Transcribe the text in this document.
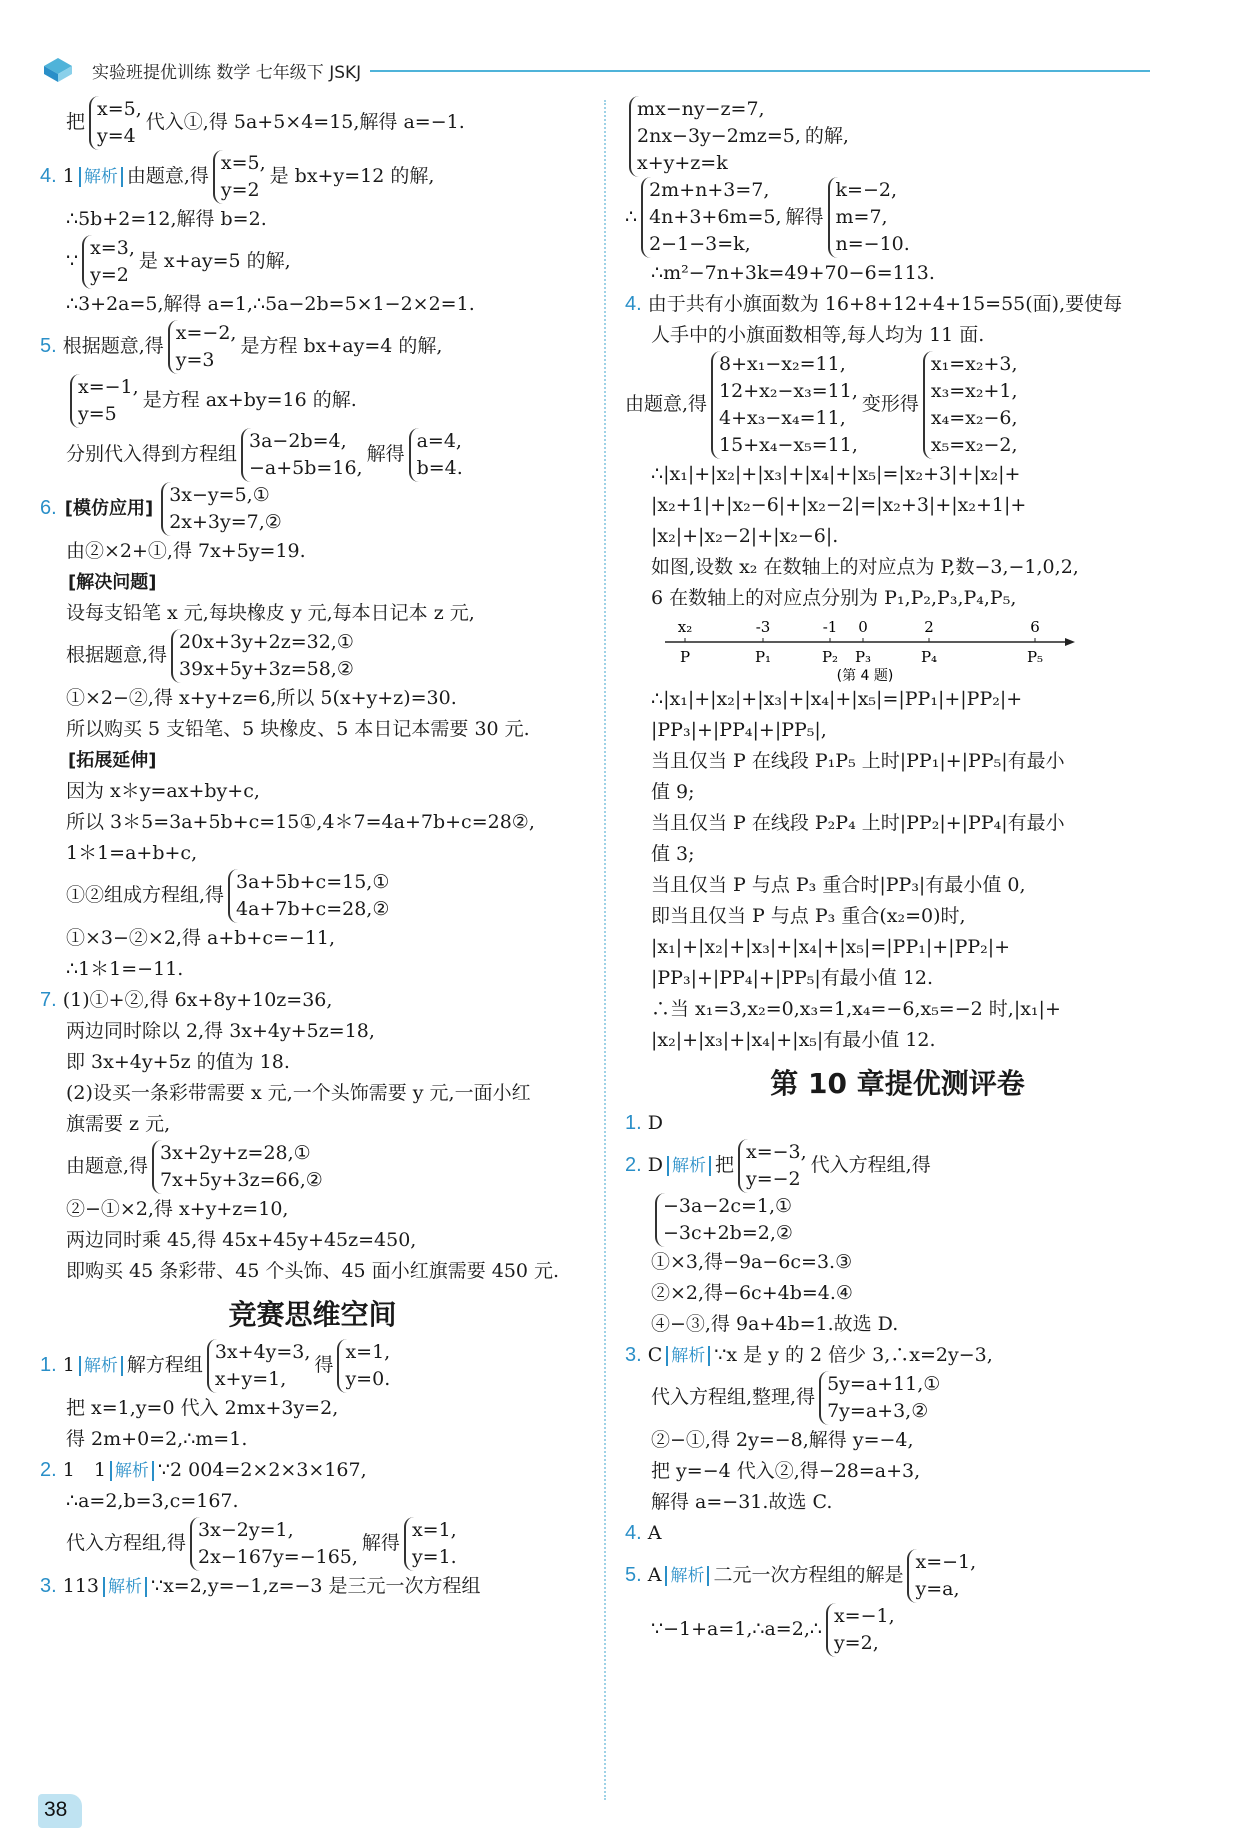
实验班提优训练 数学 七年级下 JSKJ
把
x=5,
y=4
代入①,得 5a+5×4=15,解得 a=−1.
4. 1解析 由题意,得
x=5,
y=2
是 bx+y=12 的解,
∴5b+2=12,解得 b=2.
∵
x=3,
y=2
是 x+ay=5 的解,
∴3+2a=5,解得 a=1,∴5a−2b=5×1−2×2=1.
5. 根据题意,得
x=−2,
y=3
是方程 bx+ay=4 的解,
x=−1,
y=5
是方程 ax+by=16 的解.
分别代入得到方程组
3a−2b=4,
−a+5b=16,
解得
a=4,
b=4.
6. [模仿应用]
3x−y=5,①
2x+3y=7,②
由②×2+①,得 7x+5y=19.
[解决问题]
设每支铅笔 x 元,每块橡皮 y 元,每本日记本 z 元,
根据题意,得
20x+3y+2z=32,①
39x+5y+3z=58,②
①×2−②,得 x+y+z=6,所以 5(x+y+z)=30.
所以购买 5 支铅笔、5 块橡皮、5 本日记本需要 30 元.
[拓展延伸]
因为 x＊y=ax+by+c,
所以 3＊5=3a+5b+c=15①,4＊7=4a+7b+c=28②,
1＊1=a+b+c,
①②组成方程组,得
3a+5b+c=15,①
4a+7b+c=28,②
①×3−②×2,得 a+b+c=−11,
∴1＊1=−11.
7. (1)①+②,得 6x+8y+10z=36,
两边同时除以 2,得 3x+4y+5z=18,
即 3x+4y+5z 的值为 18.
(2)设买一条彩带需要 x 元,一个头饰需要 y 元,一面小红
旗需要 z 元,
由题意,得
3x+2y+z=28,①
7x+5y+3z=66,②
②−①×2,得 x+y+z=10,
两边同时乘 45,得 45x+45y+45z=450,
即购买 45 条彩带、45 个头饰、45 面小红旗需要 450 元.
竞赛思维空间
1. 1解析 解方程组
3x+4y=3,
x+y=1,
得
x=1,
y=0.
把 x=1,y=0 代入 2mx+3y=2,
得 2m+0=2,∴m=1.
2. 1　1解析 ∵2 004=2×2×3×167,
∴a=2,b=3,c=167.
代入方程组,得
3x−2y=1,
2x−167y=−165,
解得
x=1,
y=1.
3. 113解析 ∵x=2,y=−1,z=−3 是三元一次方程组
mx−ny−z=7,
2nx−3y−2mz=5,
x+y+z=k
的解,
∴
2m+n+3=7,
4n+3+6m=5,
2−1−3=k,
解得
k=−2,
m=7,
n=−10.
∴m²−7n+3k=49+70−6=113.
4. 由于共有小旗面数为 16+8+12+4+15=55(面),要使每
人手中的小旗面数相等,每人均为 11 面.
由题意,得
8+x₁−x₂=11,
12+x₂−x₃=11,
4+x₃−x₄=11,
15+x₄−x₅=11,
变形得
x₁=x₂+3,
x₃=x₂+1,
x₄=x₂−6,
x₅=x₂−2,
∴|x₁|+|x₂|+|x₃|+|x₄|+|x₅|=|x₂+3|+|x₂|+
|x₂+1|+|x₂−6|+|x₂−2|=|x₂+3|+|x₂+1|+
|x₂|+|x₂−2|+|x₂−6|.
如图,设数 x₂ 在数轴上的对应点为 P,数−3,−1,0,2,
6 在数轴上的对应点分别为 P₁,P₂,P₃,P₄,P₅,
x₂
P
-3
P₁
-1
P₂
0
P₃
2
P₄
6
P₅
(第 4 题)
∴|x₁|+|x₂|+|x₃|+|x₄|+|x₅|=|PP₁|+|PP₂|+
|PP₃|+|PP₄|+|PP₅|,
当且仅当 P 在线段 P₁P₅ 上时|PP₁|+|PP₅|有最小
值 9;
当且仅当 P 在线段 P₂P₄ 上时|PP₂|+|PP₄|有最小
值 3;
当且仅当 P 与点 P₃ 重合时|PP₃|有最小值 0,
即当且仅当 P 与点 P₃ 重合(x₂=0)时,
|x₁|+|x₂|+|x₃|+|x₄|+|x₅|=|PP₁|+|PP₂|+
|PP₃|+|PP₄|+|PP₅|有最小值 12.
∴当 x₁=3,x₂=0,x₃=1,x₄=−6,x₅=−2 时,|x₁|+
|x₂|+|x₃|+|x₄|+|x₅|有最小值 12.
第 10 章提优测评卷
1. D
2. D解析 把
x=−3,
y=−2
代入方程组,得
−3a−2c=1,①
−3c+2b=2,②
①×3,得−9a−6c=3.③
②×2,得−6c+4b=4.④
④−③,得 9a+4b=1.故选 D.
3. C解析 ∵x 是 y 的 2 倍少 3,∴x=2y−3,
代入方程组,整理,得
5y=a+11,①
7y=a+3,②
②−①,得 2y=−8,解得 y=−4,
把 y=−4 代入②,得−28=a+3,
解得 a=−31.故选 C.
4. A
5. A解析 二元一次方程组的解是
x=−1,
y=a,
∵−1+a=1,∴a=2,∴
x=−1,
y=2,
38
